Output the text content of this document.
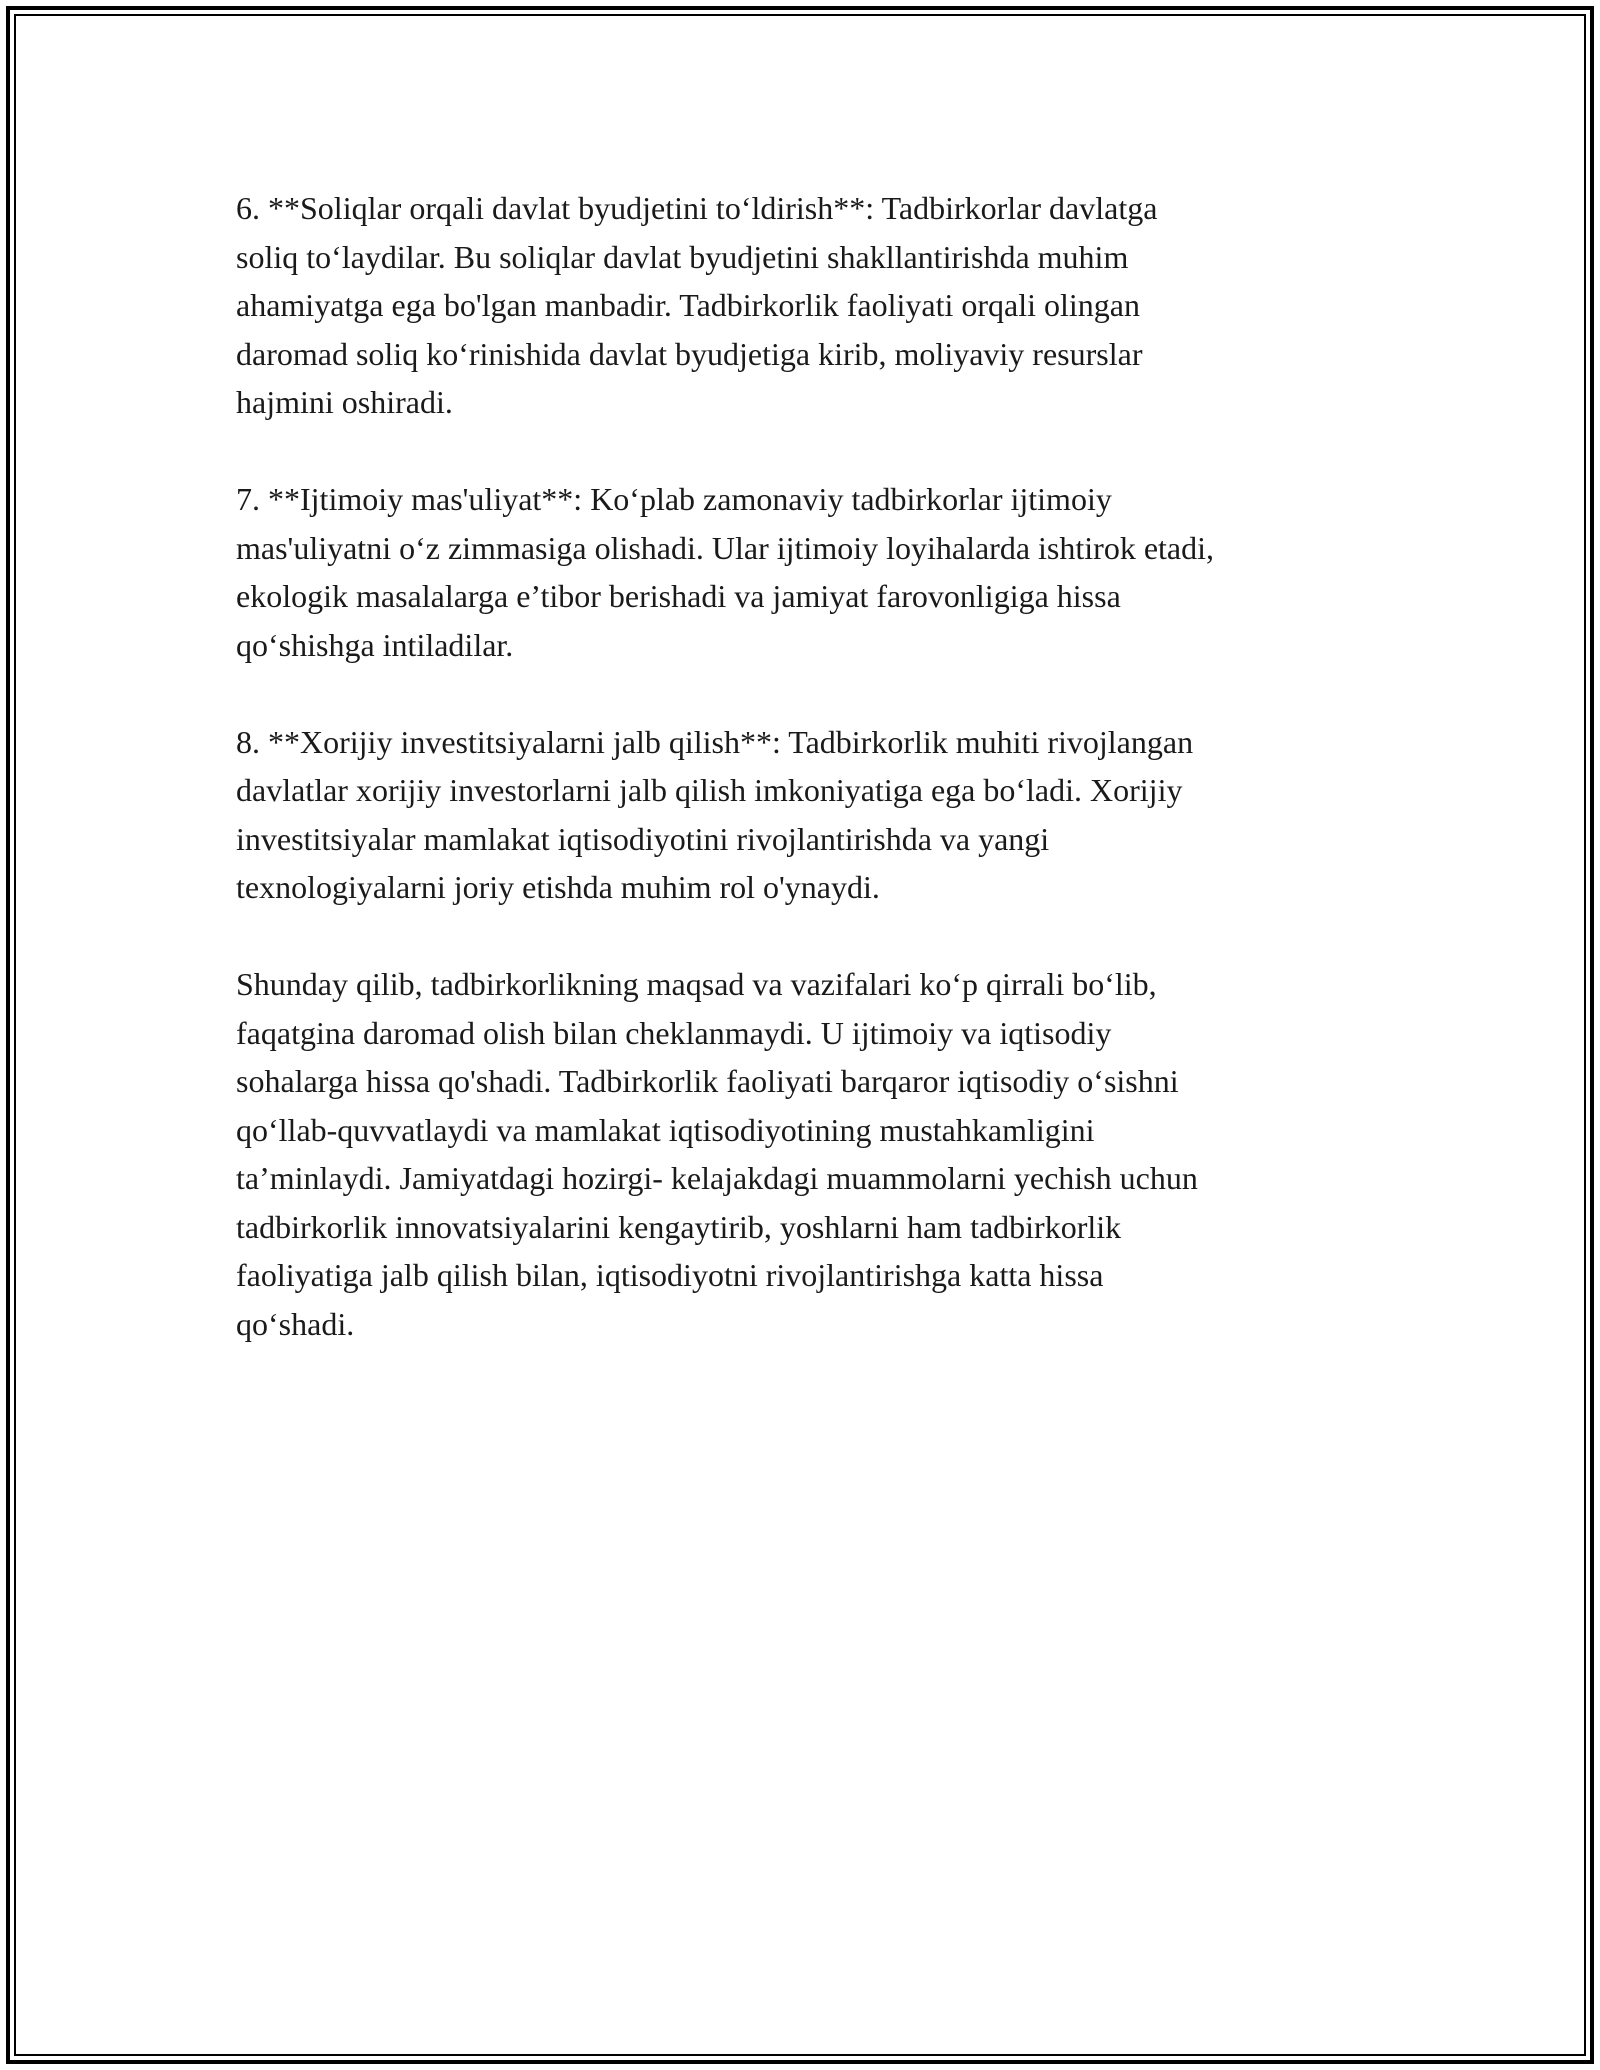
6. **Soliqlar orqali davlat byudjetini to‘ldirish**: Tadbirkorlar davlatga
soliq to‘laydilar. Bu soliqlar davlat byudjetini shakllantirishda muhim
ahamiyatga ega bo'lgan manbadir. Tadbirkorlik faoliyati orqali olingan
daromad soliq ko‘rinishida davlat byudjetiga kirib, moliyaviy resurslar
hajmini oshiradi.

7. **Ijtimoiy mas'uliyat**: Ko‘plab zamonaviy tadbirkorlar ijtimoiy
mas'uliyatni o‘z zimmasiga olishadi. Ular ijtimoiy loyihalarda ishtirok etadi,
ekologik masalalarga e’tibor berishadi va jamiyat farovonligiga hissa
qo‘shishga intiladilar.

8. **Xorijiy investitsiyalarni jalb qilish**: Tadbirkorlik muhiti rivojlangan
davlatlar xorijiy investorlarni jalb qilish imkoniyatiga ega bo‘ladi. Xorijiy
investitsiyalar mamlakat iqtisodiyotini rivojlantirishda va yangi
texnologiyalarni joriy etishda muhim rol o'ynaydi.

Shunday qilib, tadbirkorlikning maqsad va vazifalari ko‘p qirrali bo‘lib,
faqatgina daromad olish bilan cheklanmaydi. U ijtimoiy va iqtisodiy
sohalarga hissa qo'shadi. Tadbirkorlik faoliyati barqaror iqtisodiy o‘sishni
qo‘llab-quvvatlaydi va mamlakat iqtisodiyotining mustahkamligini
ta’minlaydi. Jamiyatdagi hozirgi- kelajakdagi muammolarni yechish uchun
tadbirkorlik innovatsiyalarini kengaytirib, yoshlarni ham tadbirkorlik
faoliyatiga jalb qilish bilan, iqtisodiyotni rivojlantirishga katta hissa
qo‘shadi.
